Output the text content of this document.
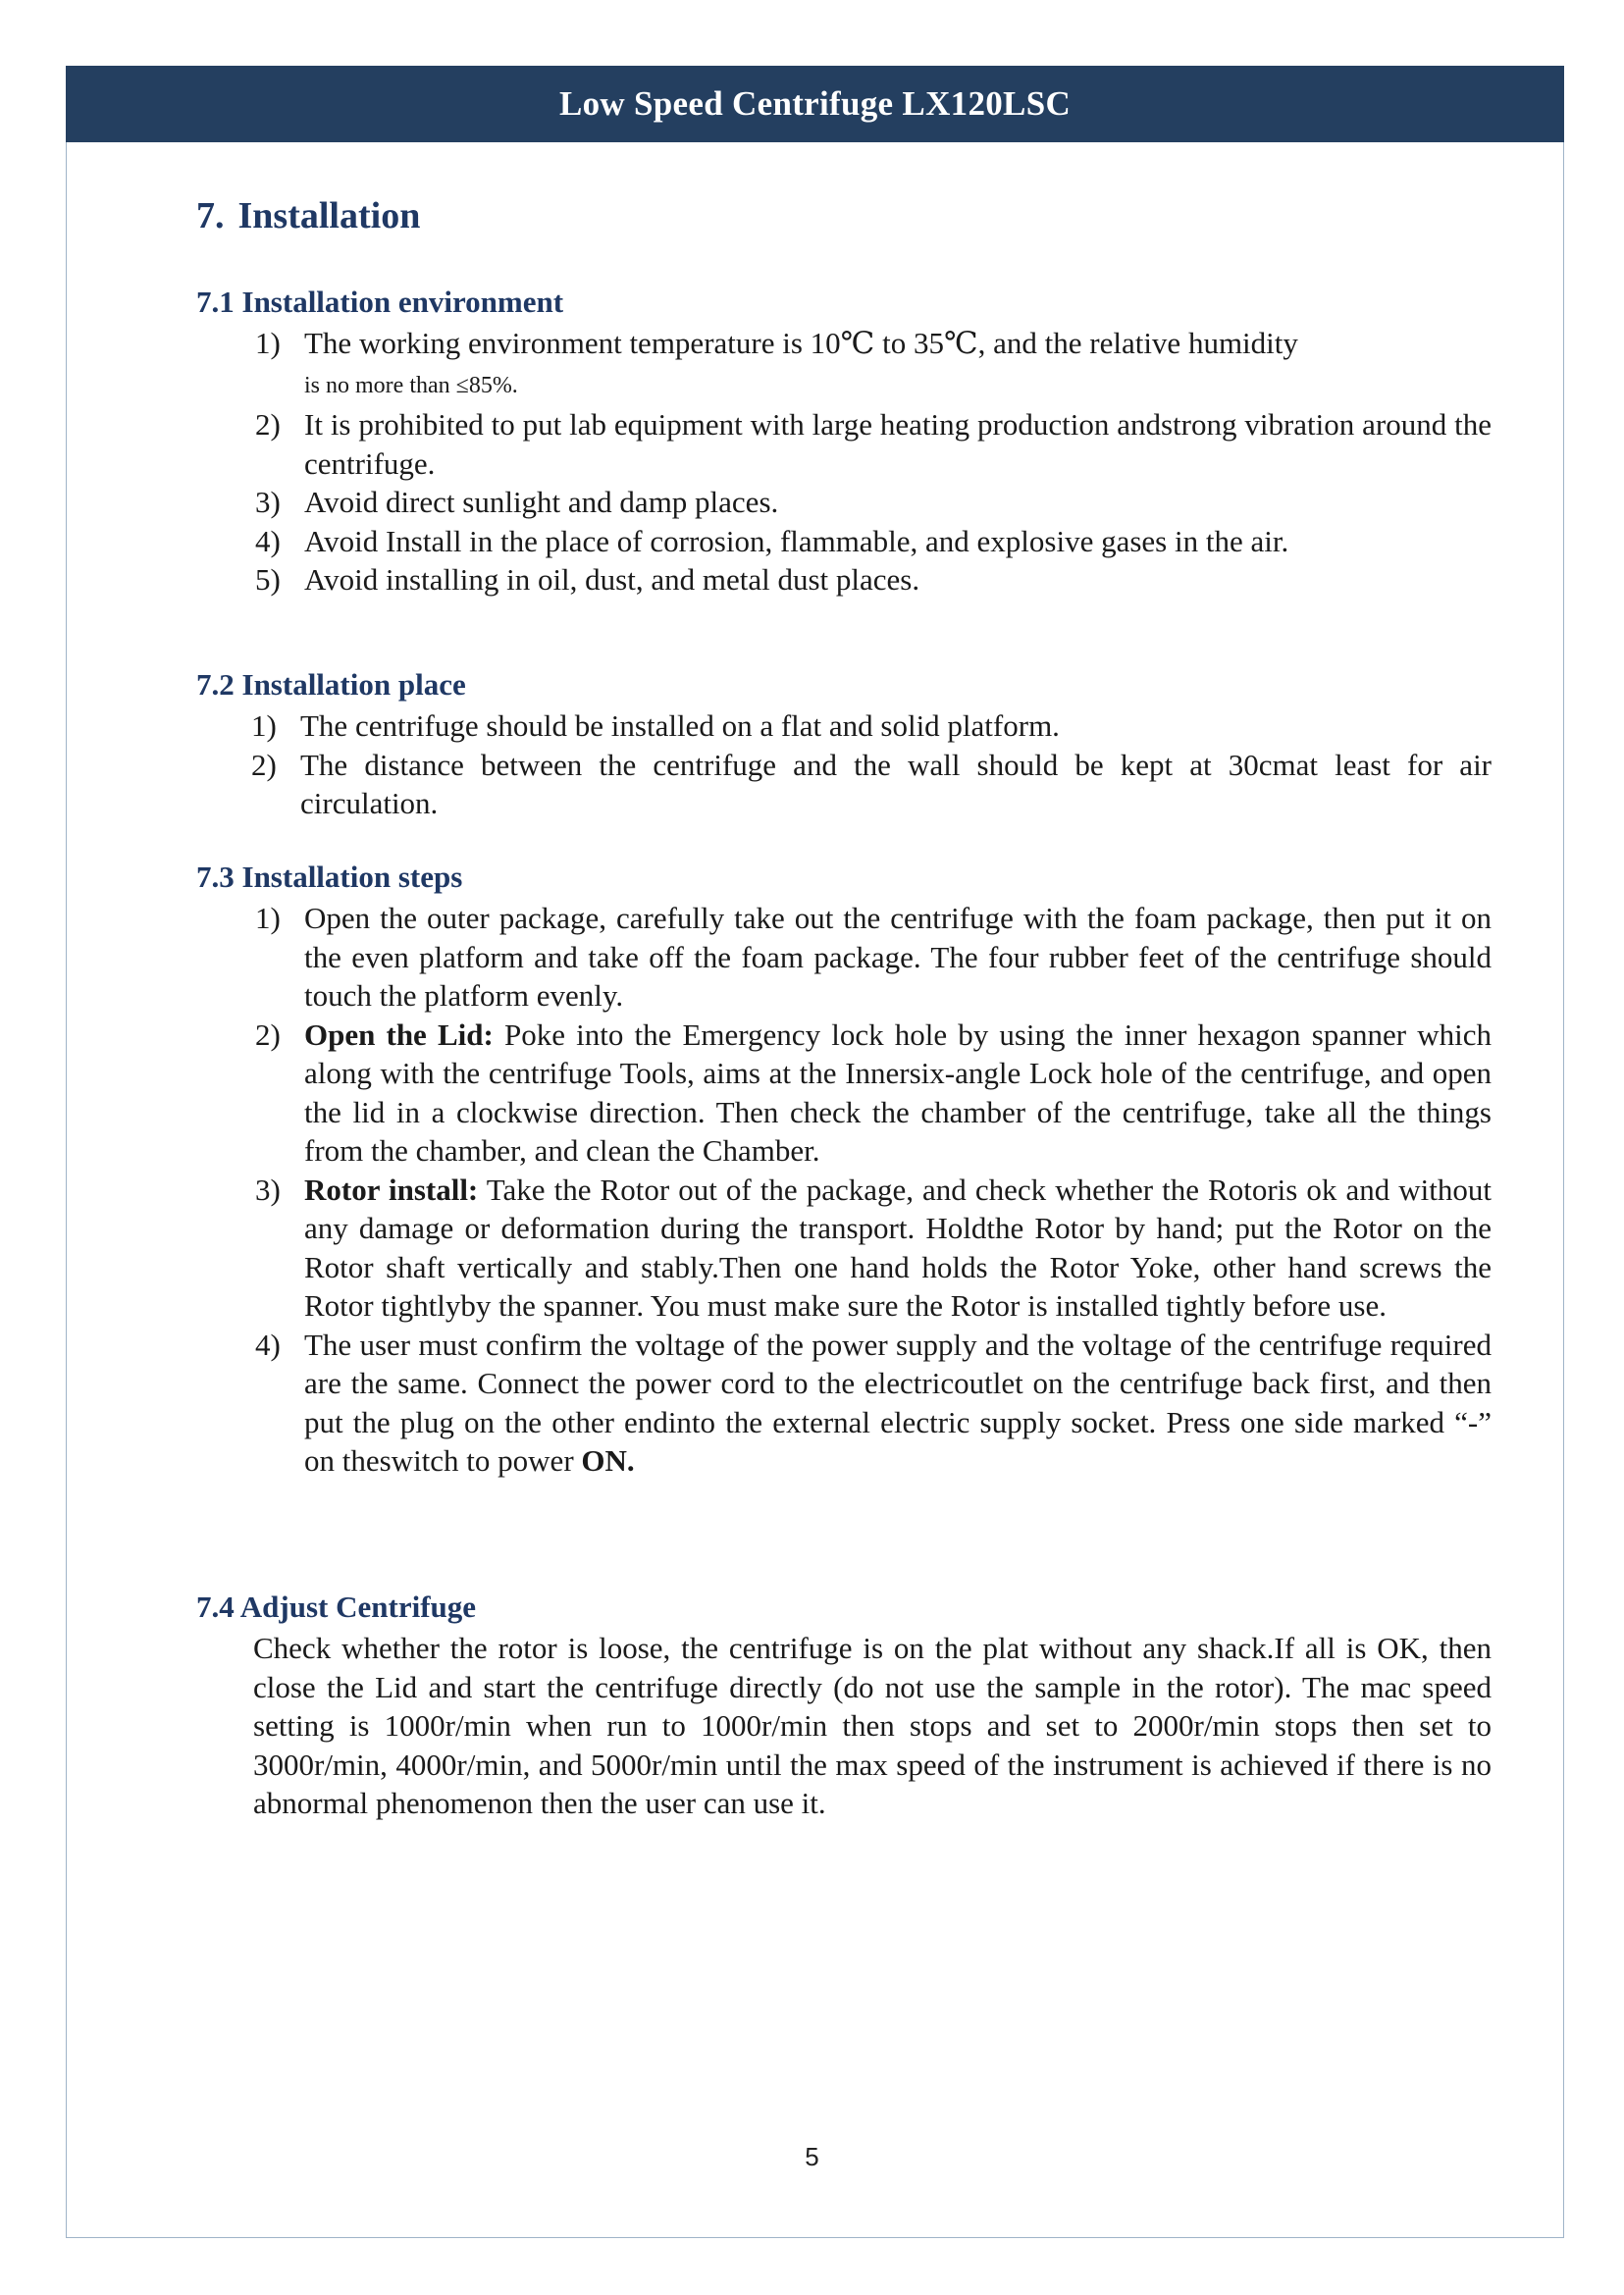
Low Speed Centrifuge LX120LSC
7. Installation
7.1 Installation environment
1) The working environment temperature is 10℃ to 35℃, and the relative humidity
is no more than ≤85%.
2) It is prohibited to put lab equipment with large heating production andstrong vibration around the centrifuge.
3) Avoid direct sunlight and damp places.
4) Avoid Install in the place of corrosion, flammable, and explosive gases in the air.
5) Avoid installing in oil, dust, and metal dust places.
7.2 Installation place
1) The centrifuge should be installed on a flat and solid platform.
2) The distance between the centrifuge and the wall should be kept at 30cmat least for air circulation.
7.3 Installation steps
1) Open the outer package, carefully take out the centrifuge with the foam package, then put it on the even platform and take off the foam package. The four rubber feet of the centrifuge should touch the platform evenly.
2) Open the Lid: Poke into the Emergency lock hole by using the inner hexagon spanner which along with the centrifuge Tools, aims at the Innersix-angle Lock hole of the centrifuge, and open the lid in a clockwise direction. Then check the chamber of the centrifuge, take all the things from the chamber, and clean the Chamber.
3) Rotor install: Take the Rotor out of the package, and check whether the Rotoris ok and without any damage or deformation during the transport. Holdthe Rotor by hand; put the Rotor on the Rotor shaft vertically and stably.Then one hand holds the Rotor Yoke, other hand screws the Rotor tightlyby the spanner. You must make sure the Rotor is installed tightly before use.
4) The user must confirm the voltage of the power supply and the voltage of the centrifuge required are the same. Connect the power cord to the electricoutlet on the centrifuge back first, and then put the plug on the other endinto the external electric supply socket. Press one side marked “-” on theswitch to power ON.
7.4 Adjust Centrifuge

Check whether the rotor is loose, the centrifuge is on the plat without any shack.If all is OK, then close the Lid and start the centrifuge directly (do not use the sample in the rotor). The mac speed setting is 1000r/min when run to 1000r/min then stops and set to 2000r/min stops then set to 3000r/min, 4000r/min, and 5000r/min until the max speed of the instrument is achieved if there is no abnormal phenomenon then the user can use it.

5
